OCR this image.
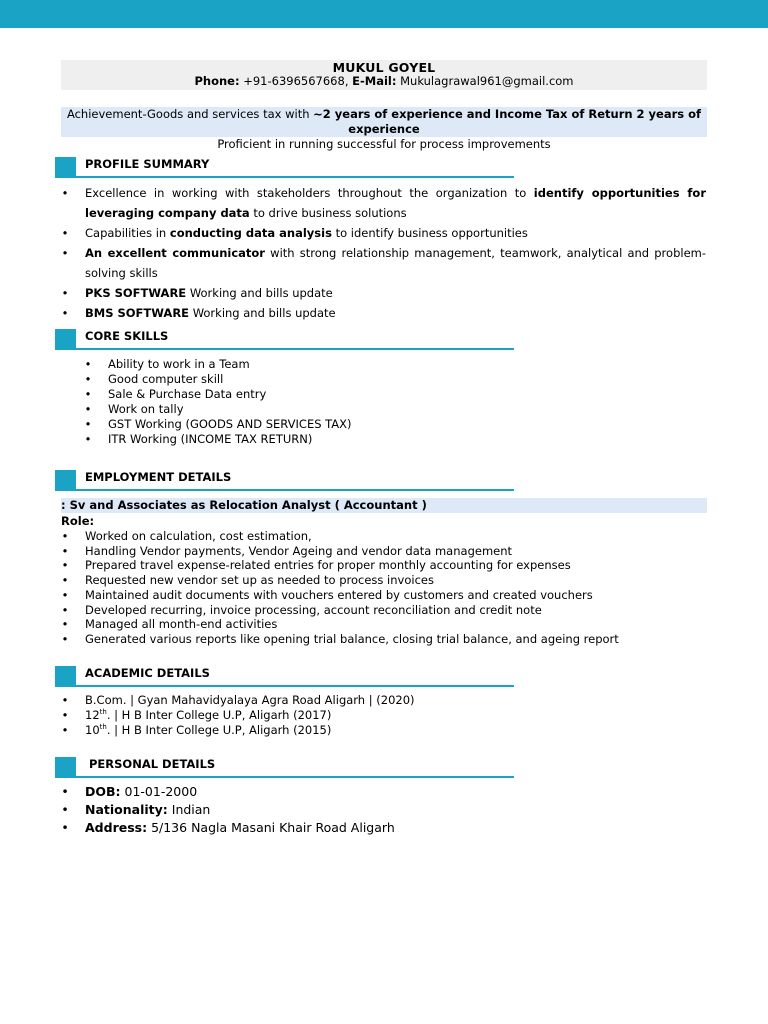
MUKUL GOYEL
Phone: +91-6396567668, E-Mail: Mukulagrawal961@gmail.com
Achievement-Goods and services tax with ~2 years of experience and Income Tax of Return 2 years of experience
Proficient in running successful for process improvements
PROFILE SUMMARY
• Excellence in working with stakeholders throughout the organization to identify opportunities for leveraging company data to drive business solutions
• Capabilities in conducting data analysis to identify business opportunities
• An excellent communicator with strong relationship management, teamwork, analytical and problem-solving skills
• PKS SOFTWARE Working and bills update
• BMS SOFTWARE Working and bills update
CORE SKILLS
• Ability to work in a Team
• Good computer skill
• Sale & Purchase Data entry
• Work on tally
• GST Working (GOODS AND SERVICES TAX)
• ITR Working (INCOME TAX RETURN)
EMPLOYMENT DETAILS
: Sv and Associates as Relocation Analyst ( Accountant )
Role:
• Worked on calculation, cost estimation,
• Handling Vendor payments, Vendor Ageing and vendor data management
• Prepared travel expense-related entries for proper monthly accounting for expenses
• Requested new vendor set up as needed to process invoices
• Maintained audit documents with vouchers entered by customers and created vouchers
• Developed recurring, invoice processing, account reconciliation and credit note
• Managed all month-end activities
• Generated various reports like opening trial balance, closing trial balance, and ageing report
ACADEMIC DETAILS
• B.Com. | Gyan Mahavidyalaya Agra Road Aligarh | (2020)
• 12th. | H B Inter College U.P, Aligarh (2017)
• 10th. | H B Inter College U.P, Aligarh (2015)
PERSONAL DETAILS
• DOB: 01-01-2000
• Nationality: Indian
• Address: 5/136 Nagla Masani Khair Road Aligarh
